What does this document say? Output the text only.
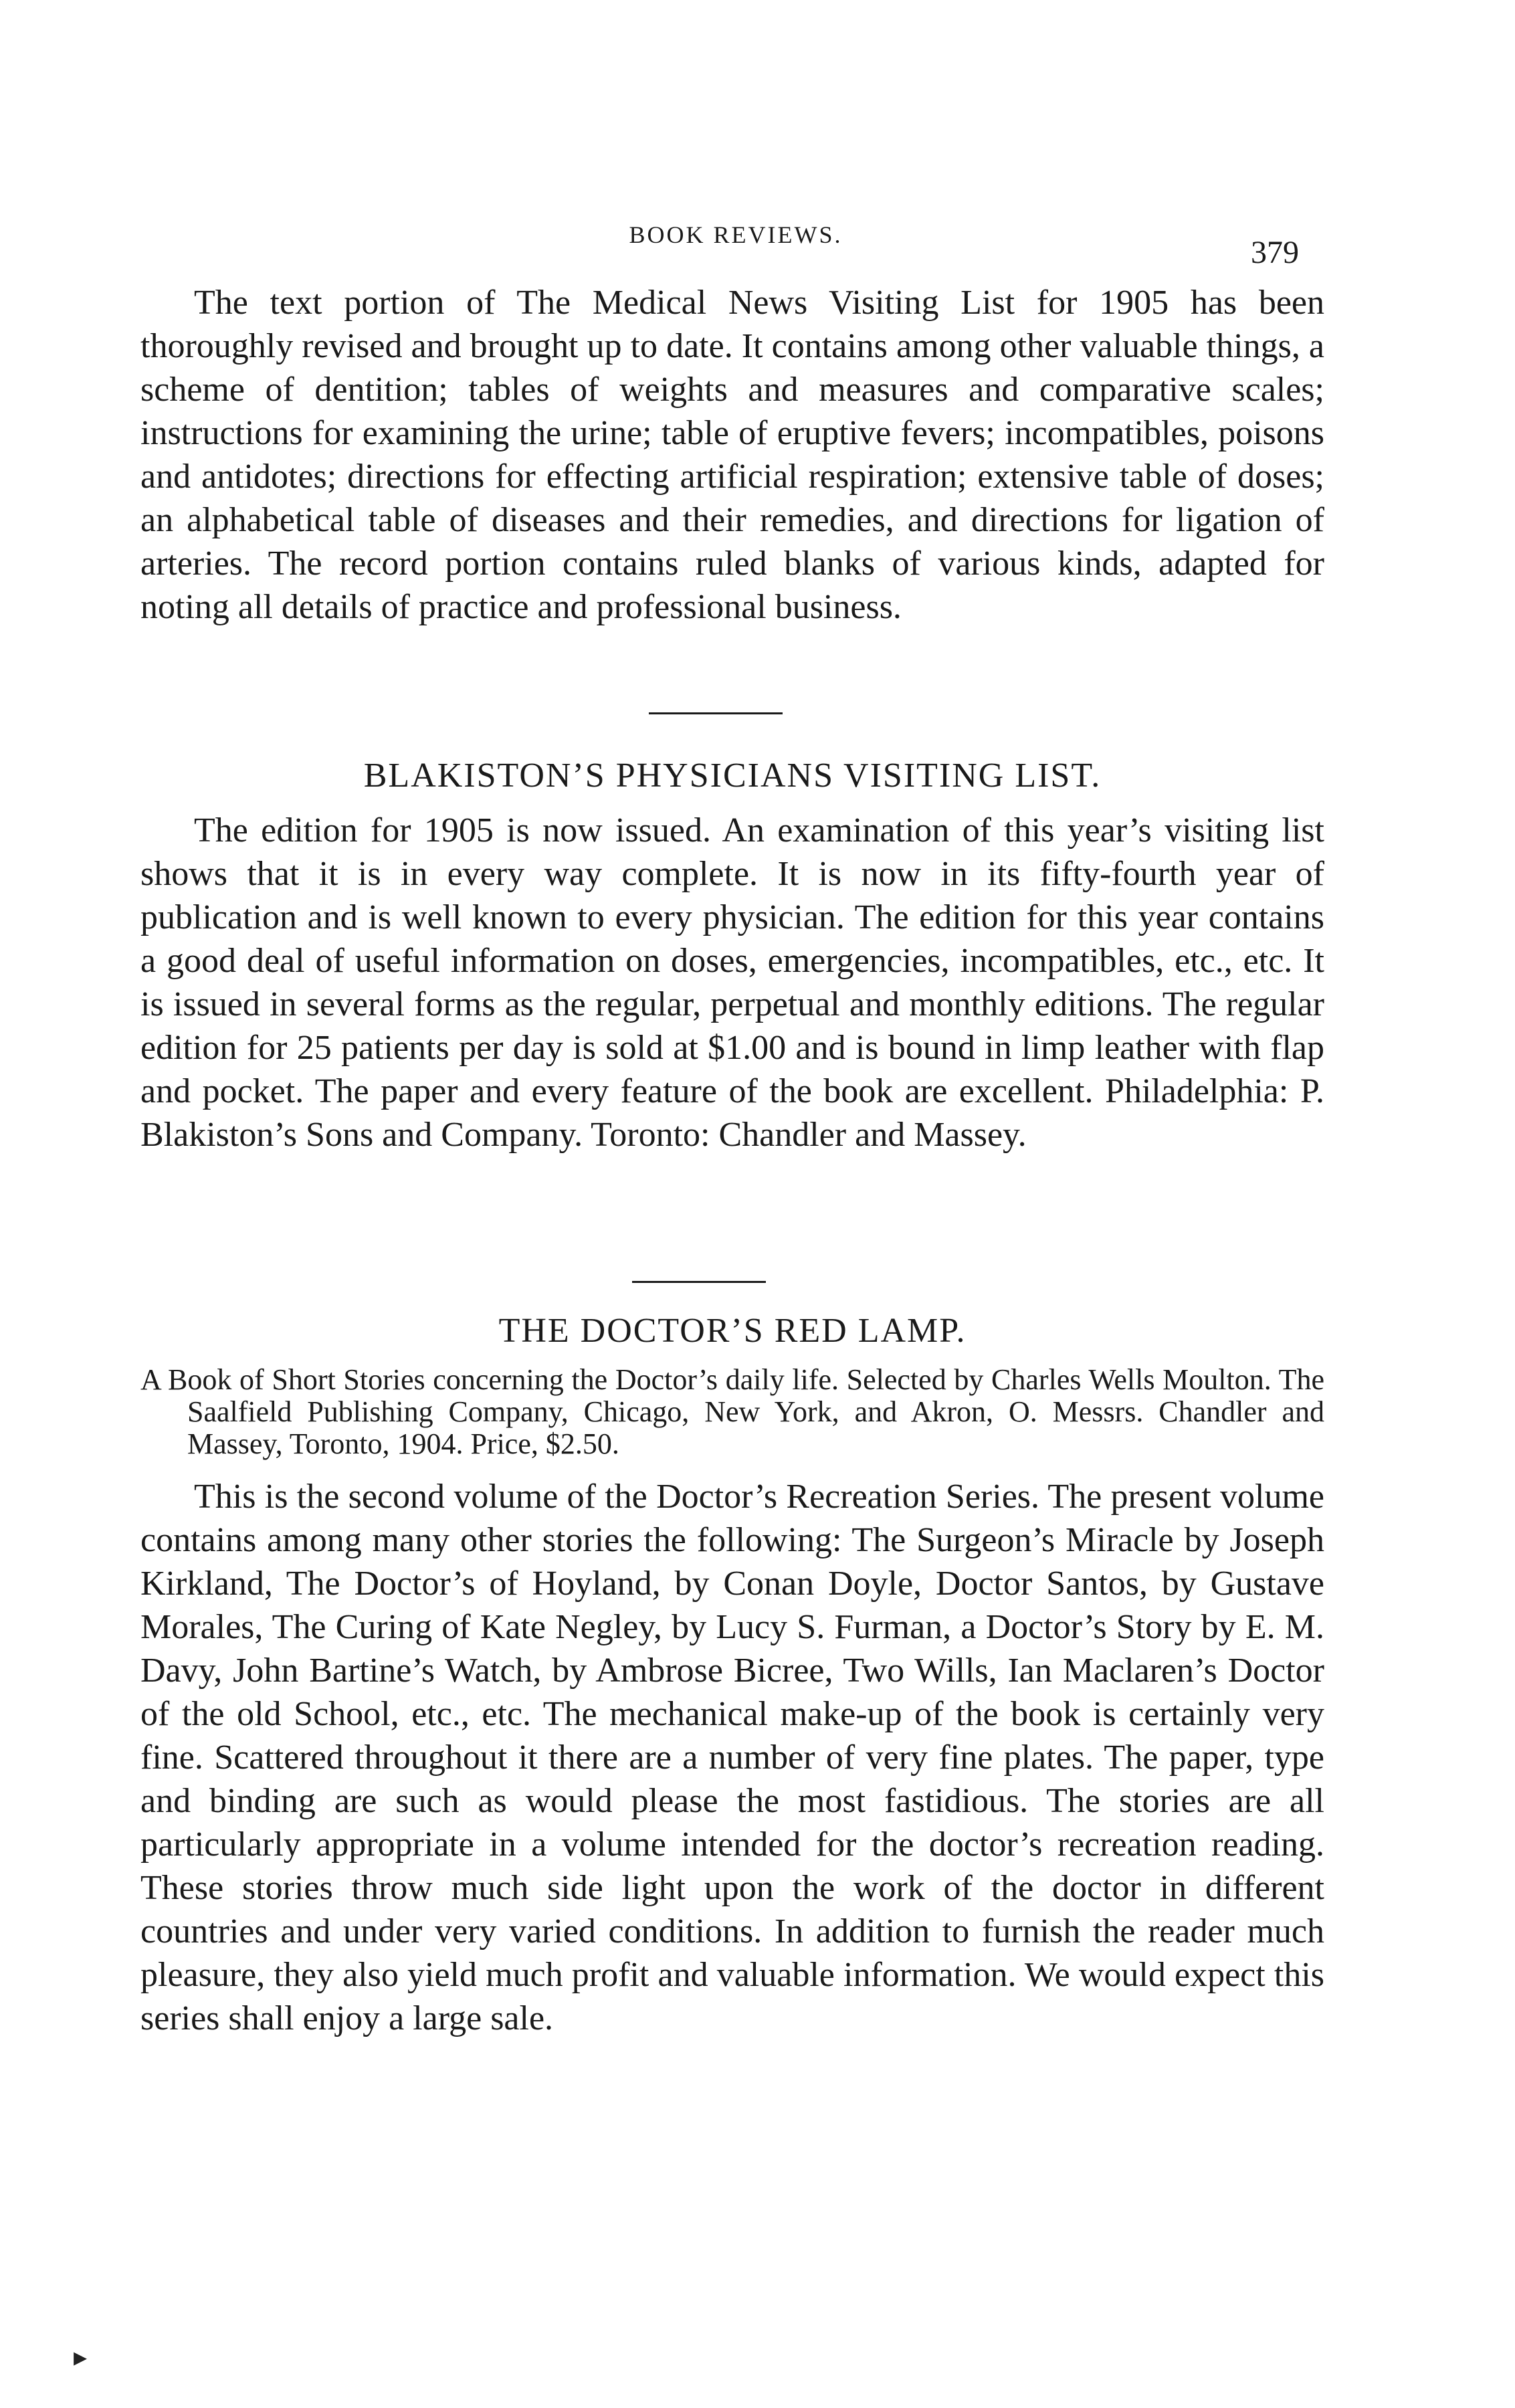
BOOK REVIEWS.	379

The text portion of The Medical News Visiting List for 1905 has been thoroughly revised and brought up to date. It contains among other valuable things, a scheme of dentition; tables of weights and measures and comparative scales; instructions for examining the urine; table of eruptive fevers; incompatibles, poisons and antidotes; directions for effecting artificial respiration; extensive table of doses; an alphabetical table of diseases and their remedies, and directions for ligation of arteries. The record portion contains ruled blanks of various kinds, adapted for noting all details of practice and professional business.

BLAKISTON’S PHYSICIANS VISITING LIST.

The edition for 1905 is now issued. An examination of this year’s visiting list shows that it is in every way complete. It is now in its fifty-fourth year of publication and is well known to every physician. The edition for this year contains a good deal of useful information on doses, emergencies, incompatibles, etc., etc. It is issued in several forms as the regular, perpetual and monthly editions. The regular edition for 25 patients per day is sold at $1.00 and is bound in limp leather with flap and pocket. The paper and every feature of the book are excellent. Philadelphia: P. Blakiston’s Sons and Company. Toronto: Chandler and Massey.

THE DOCTOR’S RED LAMP.

A Book of Short Stories concerning the Doctor’s daily life. Selected by Charles Wells Moulton. The Saalfield Publishing Company, Chicago, New York, and Akron, O. Messrs. Chandler and Massey, Toronto, 1904. Price, $2.50.

This is the second volume of the Doctor’s Recreation Series. The present volume contains among many other stories the following: The Surgeon’s Miracle by Joseph Kirkland, The Doctor’s of Hoyland, by Conan Doyle, Doctor Santos, by Gustave Morales, The Curing of Kate Negley, by Lucy S. Furman, a Doctor’s Story by E. M. Davy, John Bartine’s Watch, by Ambrose Bicree, Two Wills, Ian Maclaren’s Doctor of the old School, etc., etc. The mechanical make-up of the book is certainly very fine. Scattered throughout it there are a number of very fine plates. The paper, type and binding are such as would please the most fastidious. The stories are all particularly appropriate in a volume intended for the doctor’s recreation reading. These stories throw much side light upon the work of the doctor in different countries and under very varied conditions. In addition to furnish the reader much pleasure, they also yield much profit and valuable information. We would expect this series shall enjoy a large sale.

▸
